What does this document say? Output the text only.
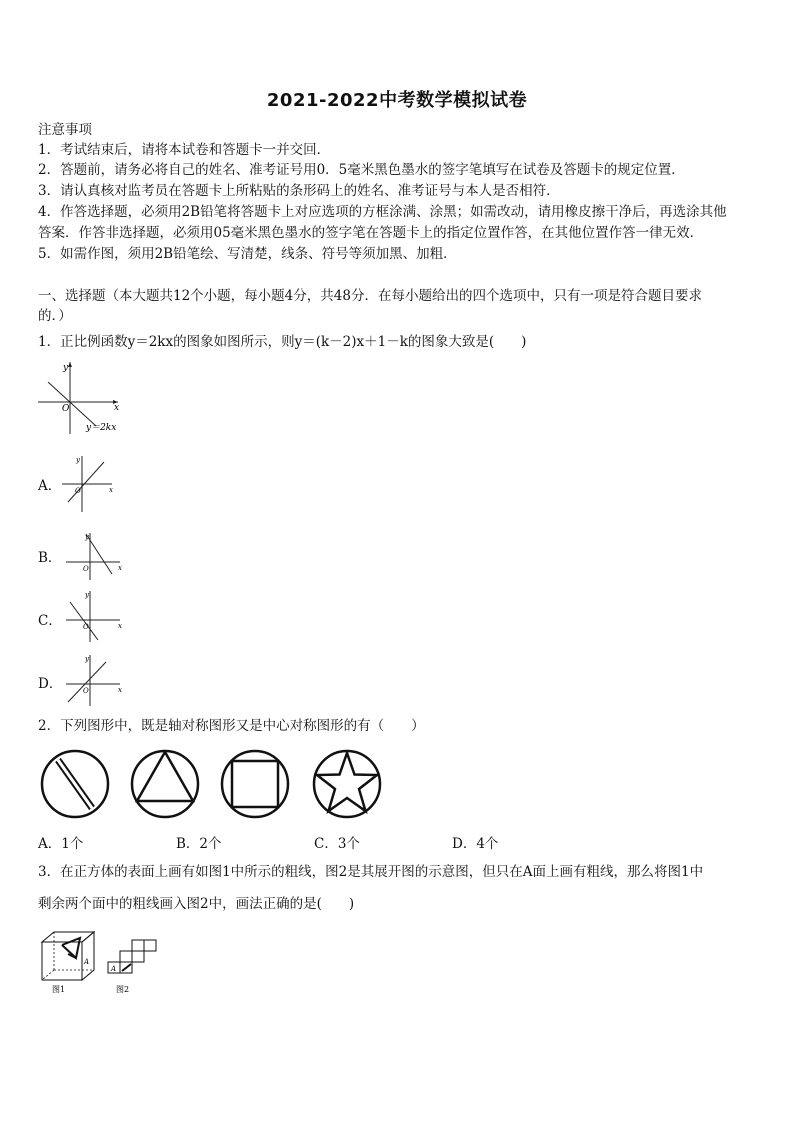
2021-2022中考数学模拟试卷
注意事项
1．考试结束后，请将本试卷和答题卡一并交回．
2．答题前，请务必将自己的姓名、准考证号用0．5毫米黑色墨水的签字笔填写在试卷及答题卡的规定位置．
3．请认真核对监考员在答题卡上所粘贴的条形码上的姓名、准考证号与本人是否相符．
4．作答选择题，必须用2B铅笔将答题卡上对应选项的方框涂满、涂黑；如需改动，请用橡皮擦干净后，再选涂其他
答案．作答非选择题，必须用05毫米黑色墨水的签字笔在答题卡上的指定位置作答，在其他位置作答一律无效．
5．如需作图，须用2B铅笔绘、写清楚，线条、符号等须加黑、加粗．
一、选择题（本大题共12个小题，每小题4分，共48分．在每小题给出的四个选项中，只有一项是符合题目要求
的．）
1．正比例函数y＝2kx的图象如图所示，则y＝(k－2)x＋1－k的图象大致是(　　)
y
x
O
y＝2kx
A．
y
x
O
B．
y
x
O
C．
y
x
O
D．
y
x
O
2．下列图形中，既是轴对称图形又是中心对称图形的有（　　）
A．1个	B．2个	C．3个	D．4个
3．在正方体的表面上画有如图1中所示的粗线，图2是其展开图的示意图，但只在A面上画有粗线，那么将图1中
剩余两个面中的粗线画入图2中，画法正确的是(　　)
A
图1
A
图2
